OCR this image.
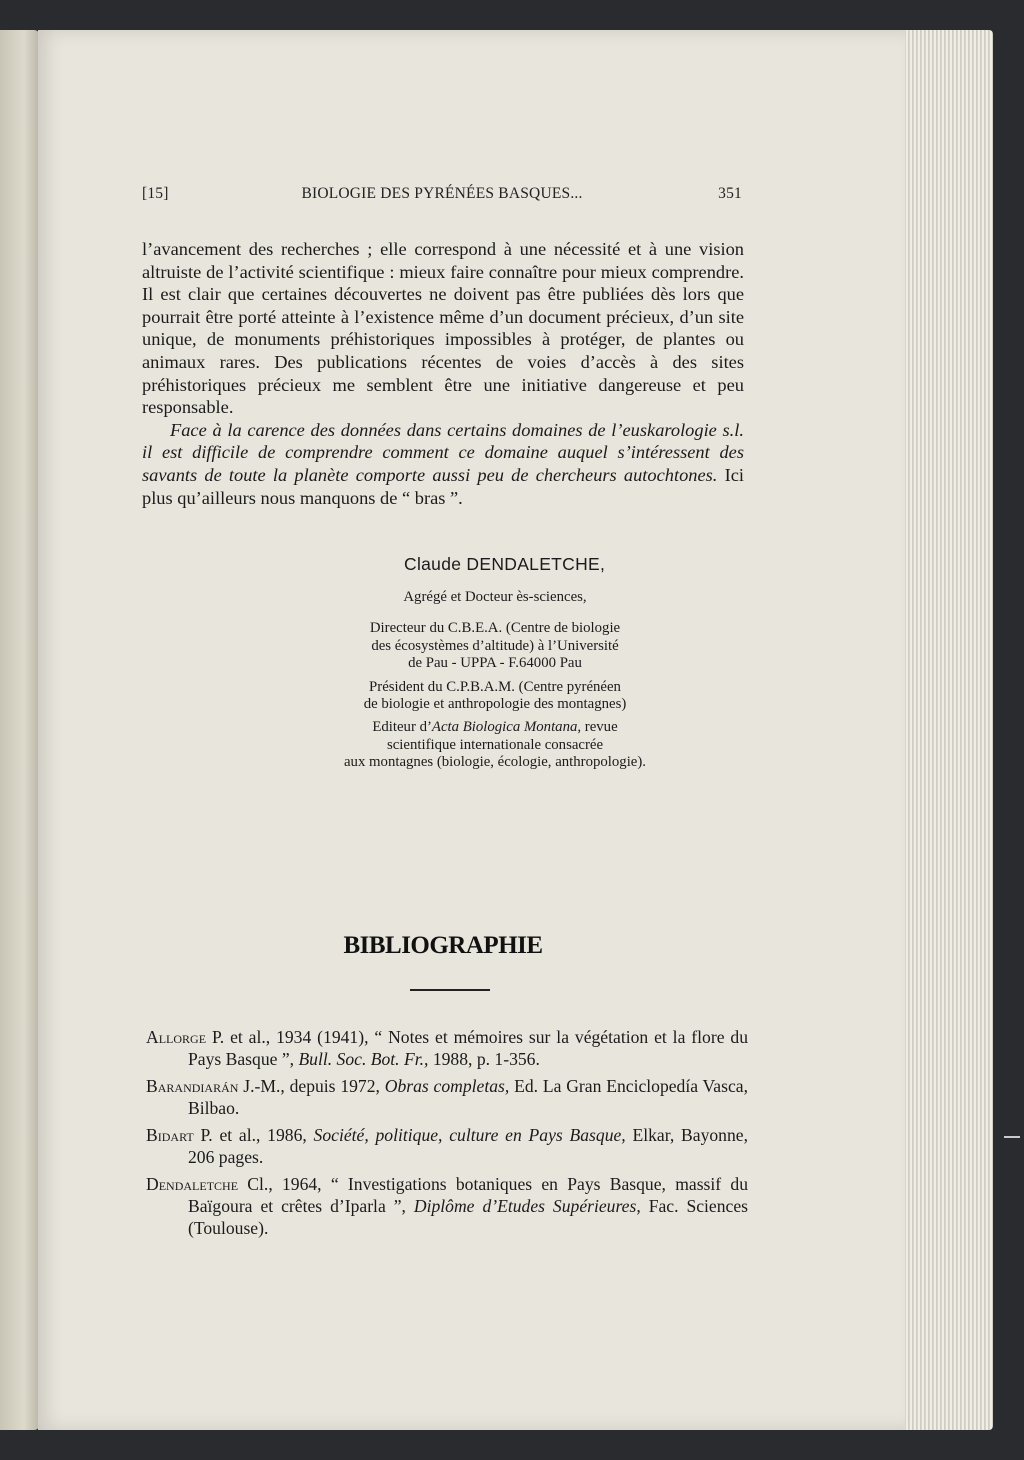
[15]	BIOLOGIE DES PYRÉNÉES BASQUES...	351

l’avancement des recherches ; elle correspond à une nécessité et à une vision altruiste de l’activité scientifique : mieux faire connaître pour mieux comprendre. Il est clair que certaines découvertes ne doivent pas être publiées dès lors que pourrait être porté atteinte à l’existence même d’un document précieux, d’un site unique, de monuments préhistoriques impossibles à protéger, de plantes ou animaux rares. Des publications récentes de voies d’accès à des sites préhistoriques précieux me semblent être une initiative dangereuse et peu responsable.

Face à la carence des données dans certains domaines de l’euskarologie s.l. il est difficile de comprendre comment ce domaine auquel s’intéressent des savants de toute la planète comporte aussi peu de chercheurs autochtones. Ici plus qu’ailleurs nous manquons de “ bras ”.

Claude DENDALETCHE,

Agrégé et Docteur ès-sciences,

Directeur du C.B.E.A. (Centre de biologie

des écosystèmes d’altitude) à l’Université

de Pau - UPPA - F.64000 Pau

Président du C.P.B.A.M. (Centre pyrénéen

de biologie et anthropologie des montagnes)

Editeur d’Acta Biologica Montana, revue

scientifique internationale consacrée

aux montagnes (biologie, écologie, anthropologie).

BIBLIOGRAPHIE

Allorge P. et al., 1934 (1941), “ Notes et mémoires sur la végétation et la flore du Pays Basque ”, Bull. Soc. Bot. Fr., 1988, p. 1-356.

Barandiarán J.-M., depuis 1972, Obras completas, Ed. La Gran Enciclopedía Vasca, Bilbao.

Bidart P. et al., 1986, Société, politique, culture en Pays Basque, Elkar, Bayonne, 206 pages.

Dendaletche Cl., 1964, “ Investigations botaniques en Pays Basque, massif du Baïgoura et crêtes d’Iparla ”, Diplôme d’Etudes Supérieures, Fac. Sciences (Toulouse).
